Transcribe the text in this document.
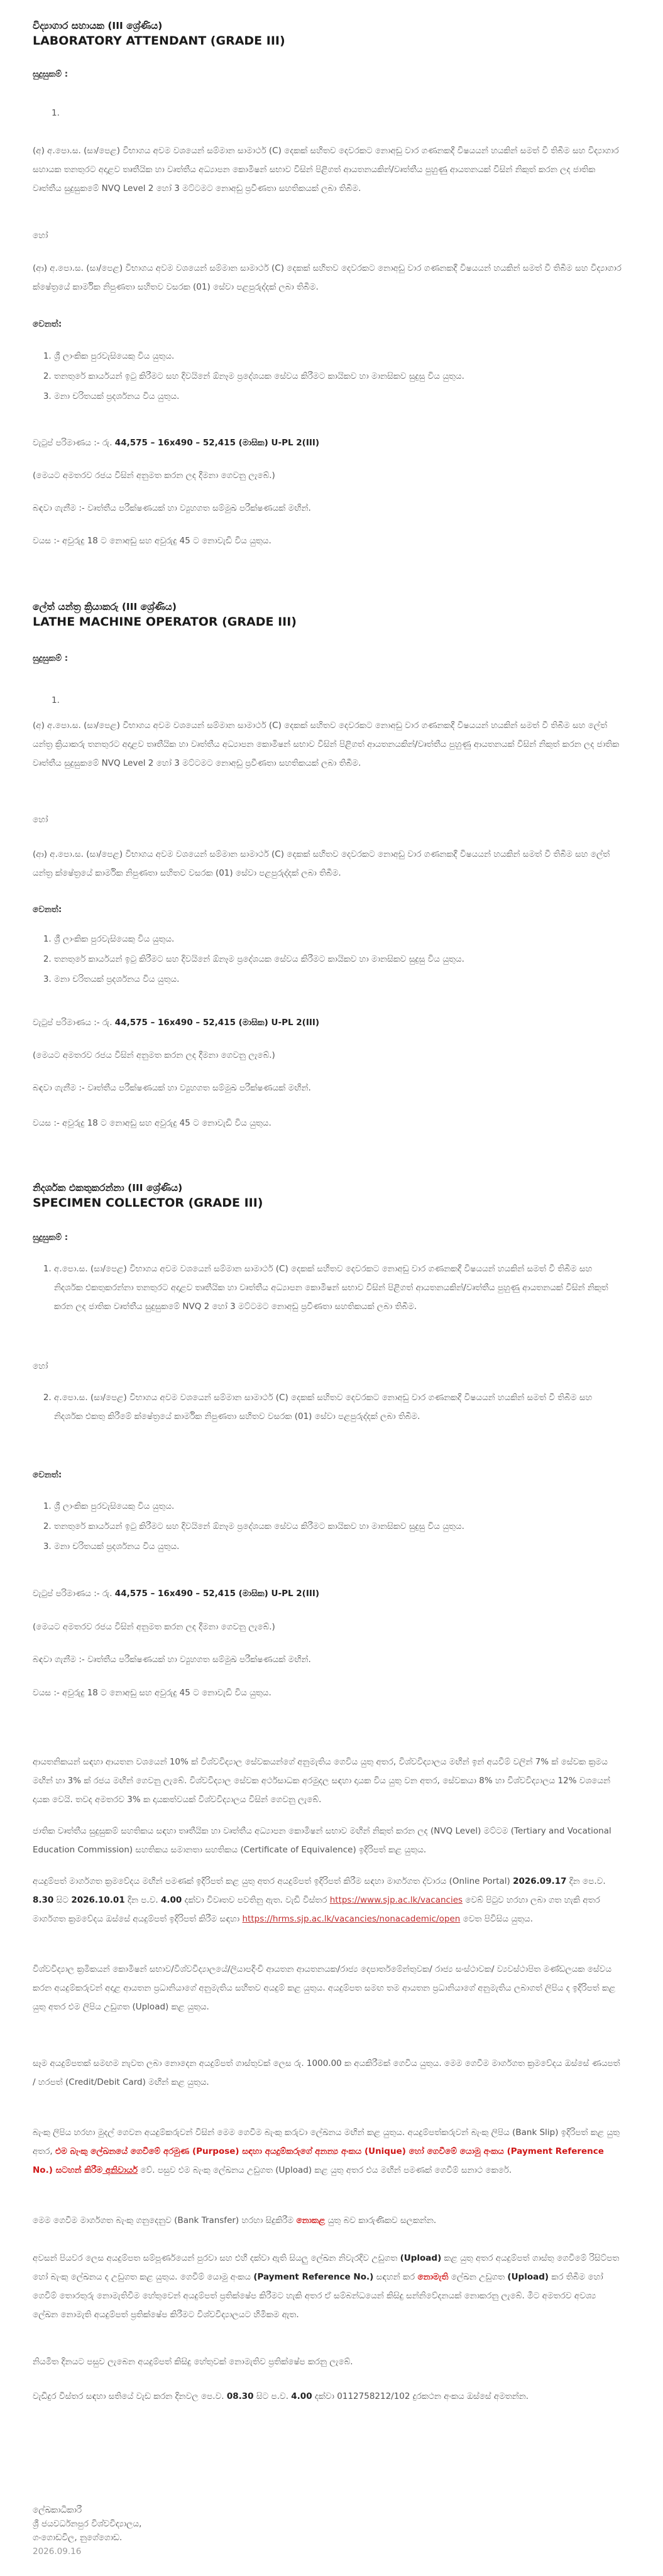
විද්‍යාගාර සහායක (III ශ්‍රේණිය)
LABORATORY ATTENDANT (GRADE III)
සුදුසුකම් :
1.

(අ) අ.පො.ස. (සා/පෙළ) විභාගය අවම වශයෙන් සම්මාන සාමාර්ථ (C) දෙකක් සහිතව දෙවරකට නොඅඩු වාර ගණනකදී විෂයයන් හයකින් සමත් වී තිබීම සහ විද්‍යාගාර සහායක තනතුරට අදාළව තෘතීයික හා වෘත්තීය අධ්‍යාපන කොමිෂන් සභාව විසින් පිළිගත් ආයතනයකින්/වෘත්තීය පුහුණු ආයතනයක් විසින් නිකුත් කරන ලද ජාතික වෘත්තීය සුදුසුකමේ NVQ Level 2 හෝ 3 මට්ටමට නොඅඩු ප්‍රවීණතා සහතිකයක් ලබා තිබීම.

හෝ

(ආ) අ.පො.ස. (සා/පෙළ) විභාගය අවම වශයෙන් සම්මාන සාමාර්ථ (C) දෙකක් සහිතව දෙවරකට නොඅඩු වාර ගණනකදී විෂයයන් හයකින් සමත් වී තිබීම සහ විද්‍යාගාර ක්ෂේත්‍රයේ කාර්මික නිපුණතා සහිතව වසරක (01) සේවා පළපුරුද්දක් ලබා තිබීම.

වෙනත්:
1. ශ්‍රී ලාංකික පුරවැසියෙකු විය යුතුය.
2. තනතුරේ කාර්යයන් ඉටු කිරීමට සහ දිවයිනේ ඕනෑම ප්‍රදේශයක සේවය කිරීමට කායිකව හා මානසිකව සුදුසු විය යුතුය.
3. මනා චරිතයක් ප්‍රදර්ශනය විය යුතුය.

වැටුප් පරිමාණය :- රු. 44,575 – 16x490 – 52,415 (මාසික) U-PL 2(III)

(මෙයට අමතරව රජය විසින් අනුමත කරන ලද දීමනා ගෙවනු ලැබේ.)

බඳවා ගැනීම :- වෘත්තීය පරීක්ෂණයක් හා ව්‍යුහගත සම්මුඛ පරීක්ෂණයක් මඟින්.

වයස :- අවුරුදු 18 ට නොඅඩු සහ අවුරුදු 45 ට නොවැඩි විය යුතුය.

ලේත් යන්ත්‍ර ක්‍රියාකරු (III ශ්‍රේණිය)
LATHE MACHINE OPERATOR (GRADE III)
සුදුසුකම් :
1.

(අ) අ.පො.ස. (සා/පෙළ) විභාගය අවම වශයෙන් සම්මාන සාමාර්ථ (C) දෙකක් සහිතව දෙවරකට නොඅඩු වාර ගණනකදී විෂයයන් හයකින් සමත් වී තිබීම සහ ලේත් යන්ත්‍ර ක්‍රියාකරු තනතුරට අදාළව තෘතීයික හා වෘත්තීය අධ්‍යාපන කොමිෂන් සභාව විසින් පිළිගත් ආයතනයකින්/වෘත්තීය පුහුණු ආයතනයක් විසින් නිකුත් කරන ලද ජාතික වෘත්තීය සුදුසුකමේ NVQ Level 2 හෝ 3 මට්ටමට නොඅඩු ප්‍රවීණතා සහතිකයක් ලබා තිබීම.

හෝ

(ආ) අ.පො.ස. (සා/පෙළ) විභාගය අවම වශයෙන් සම්මාන සාමාර්ථ (C) දෙකක් සහිතව දෙවරකට නොඅඩු වාර ගණනකදී විෂයයන් හයකින් සමත් වී තිබීම සහ ලේත් යන්ත්‍ර ක්ෂේත්‍රයේ කාර්මික නිපුණතා සහිතව වසරක (01) සේවා පළපුරුද්දක් ලබා තිබීම.

වෙනත්:
1. ශ්‍රී ලාංකික පුරවැසියෙකු විය යුතුය.
2. තනතුරේ කාර්යයන් ඉටු කිරීමට සහ දිවයිනේ ඕනෑම ප්‍රදේශයක සේවය කිරීමට කායිකව හා මානසිකව සුදුසු විය යුතුය.
3. මනා චරිතයක් ප්‍රදර්ශනය විය යුතුය.

වැටුප් පරිමාණය :- රු. 44,575 – 16x490 – 52,415 (මාසික) U-PL 2(III)

(මෙයට අමතරව රජය විසින් අනුමත කරන ලද දීමනා ගෙවනු ලැබේ.)

බඳවා ගැනීම :- වෘත්තීය පරීක්ෂණයක් හා ව්‍යුහගත සම්මුඛ පරීක්ෂණයක් මඟින්.

වයස :- අවුරුදු 18 ට නොඅඩු සහ අවුරුදු 45 ට නොවැඩි විය යුතුය.

නිදර්ශක එකතුකරන්නා (III ශ්‍රේණිය)
SPECIMEN COLLECTOR (GRADE III)
සුදුසුකම් :
1. අ.පො.ස. (සා/පෙළ) විභාගය අවම වශයෙන් සම්මාන සාමාර්ථ (C) දෙකක් සහිතව දෙවරකට නොඅඩු වාර ගණනකදී විෂයයන් හයකින් සමත් වී තිබීම සහ නිදර්ශක එකතුකරන්නා තනතුරට අදාළව තෘතීයික හා වෘත්තීය අධ්‍යාපන කොමිෂන් සභාව විසින් පිළිගත් ආයතනයකින්/වෘත්තීය පුහුණු ආයතනයක් විසින් නිකුත් කරන ලද ජාතික වෘත්තීය සුදුසුකමේ NVQ 2 හෝ 3 මට්ටමට නොඅඩු ප්‍රවීණතා සහතිකයක් ලබා තිබීම.

හෝ

2. අ.පො.ස. (සා/පෙළ) විභාගය අවම වශයෙන් සම්මාන සාමාර්ථ (C) දෙකක් සහිතව දෙවරකට නොඅඩු වාර ගණනකදී විෂයයන් හයකින් සමත් වී තිබීම සහ නිදර්ශක එකතු කිරීමේ ක්ෂේත්‍රයේ කාර්මික නිපුණතා සහිතව වසරක (01) සේවා පළපුරුද්දක් ලබා තිබීම.
වෙනත්:
1. ශ්‍රී ලාංකික පුරවැසියෙකු විය යුතුය.
2. තනතුරේ කාර්යයන් ඉටු කිරීමට සහ දිවයිනේ ඕනෑම ප්‍රදේශයක සේවය කිරීමට කායිකව හා මානසිකව සුදුසු විය යුතුය.
3. මනා චරිතයක් ප්‍රදර්ශනය විය යුතුය.

වැටුප් පරිමාණය :- රු. 44,575 – 16x490 – 52,415 (මාසික) U-PL 2(III)

(මෙයට අමතරව රජය විසින් අනුමත කරන ලද දීමනා ගෙවනු ලැබේ.)

බඳවා ගැනීම :- වෘත්තීය පරීක්ෂණයක් හා ව්‍යුහගත සම්මුඛ පරීක්ෂණයක් මඟින්.

වයස :- අවුරුදු 18 ට නොඅඩු සහ අවුරුදු 45 ට නොවැඩි විය යුතුය.

ආයතනිකයන් සඳහා ආයතන වශයෙන් 10% ක් විශ්වවිද්‍යාල සේවකයන්ගේ අනුමැතිය ගෙවිය යුතු අතර, විශ්වවිද්‍යාලය මඟින් ඉන් අයවීම් වලින් 7% ක් සේවක ක්‍රමය මඟින් හා 3% ක් රජය මඟින් ගෙවනු ලැබේ. විශ්වවිද්‍යාල සේවක අර්ථසාධක අරමුදල සඳහා දායක විය යුතු වන අතර, සේවකයා 8% හා විශ්වවිද්‍යාලය 12% වශයෙන් දායක වෙයි. තවද අමතරව 3% ක දායකත්වයක් විශ්වවිද්‍යාලය විසින් ගෙවනු ලැබේ.

ජාතික වෘත්තීය සුදුසුකම් සහතිකය සඳහා තෘතීයික හා වෘත්තීය අධ්‍යාපන කොමිෂන් සභාව මඟින් නිකුත් කරන ලද (NVQ Level) මට්ටම (Tertiary and Vocational Education Commission) සහතිකය සමානතා සහතිකය (Certificate of Equivalence) ඉදිරිපත් කළ යුතුය.

අයදුම්පත් මාර්ගගත ක්‍රමවේදය මඟින් පමණක් ඉදිරිපත් කළ යුතු අතර අයදුම්පත් ඉදිරිපත් කිරීම සඳහා මාර්ගගත ද්වාරය (Online Portal) 2026.09.17 දින පෙ.ව. 8.30 සිට 2026.10.01 දින ප.ව. 4.00 දක්වා විවෘතව පවතිනු ඇත. වැඩි විස්තර https://www.sjp.ac.lk/vacancies වෙබ් පිටුව හරහා ලබා ගත හැකි අතර මාර්ගගත ක්‍රමවේදය ඔස්සේ අයදුම්පත් ඉදිරිපත් කිරීම සඳහා https://hrms.sjp.ac.lk/vacancies/nonacademic/open වෙත පිවිසිය යුතුය.

විශ්වවිද්‍යාල ක්‍රමිකයන් කොමිෂන් සභාව/විශ්වවිද්‍යාලයේ/ලියාපදිංචි ආයතන ආයතනයක/රාජ්‍ය දෙපාර්තමේන්තුවක/ රාජ්‍ය සංස්ථාවක/ ව්‍යවස්ථාපිත මණ්ඩලයක සේවය කරන අයදුම්කරුවන් අදාළ ආයතන ප්‍රධානියාගේ අනුමැතිය සහිතව අයදුම් කළ යුතුය. අයදුම්පත සමඟ තම ආයතන ප්‍රධානියාගේ අනුමැතිය ලබාගත් ලිපිය ද ඉදිරිපත් කළ යුතු අතර එම ලිපිය උඩුගත (Upload) කළ යුතුය.

සෑම අයදුම්පතක් සමඟම නැවත ලබා නොදෙන අයදුම්පත් ගාස්තුවක් ලෙස රු. 1000.00 ක අයකිරීමක් ගෙවිය යුතුය. මෙම ගෙවීම මාර්ගගත ක්‍රමවේදය ඔස්සේ ණයපත් / හරපත් (Credit/Debit Card) මඟින් කළ යුතුය.

බැංකු ලිපිය හරහා මුදල් ගෙවන අයදුම්කරුවන් විසින් මෙම ගෙවීම බැංකු කරුවා ලේඛනය මඟින් කළ යුතුය. අයදුම්පත්කරුවන් බැංකු ලිපිය (Bank Slip) ඉදිරිපත් කළ යුතු අතර, එම බැංකු ලේඛනයේ ගෙවීමේ අරමුණ (Purpose) සඳහා අයදුම්කරුගේ අනන්‍ය අංකය (Unique) හෝ ගෙවීමේ යොමු අංකය (Payment Reference No.) සටහන් කිරීම අනිවාර්ය වේ. පසුව එම බැංකු ලේඛනය උඩුගත (Upload) කළ යුතු අතර එය මඟින් පමණක් ගෙවීම් සනාථ කෙරේ.

මෙම ගෙවීම මාර්ගගත බැංකු ගනුදෙනුව (Bank Transfer) හරහා සිදුකිරීම නොකළ යුතු බව කාරුණිකව සලකන්න.

අවසන් පියවර ලෙස අයදුම්පත සම්පූර්ණයෙන් පුරවා සහ එහි දක්වා ඇති සියලු ලේඛන නිවැරදිව උඩුගත (Upload) කළ යුතු අතර අයදුම්පත් ගාස්තු ගෙවීමේ රිසිට්පත හෝ බැංකු ලේඛනය ද උඩුගත කළ යුතුය. ගෙවීම් යොමු අංකය (Payment Reference No.) සඳහන් කර නොමැති ලේඛන උඩුගත (Upload) කර තිබීම හෝ ගෙවීම් තොරතුරු නොමැතිවීම හේතුවෙන් අයදුම්පත් ප්‍රතික්ෂේප කිරීමට හැකි අතර ඒ සම්බන්ධයෙන් කිසිදු සන්නිවේදනයක් නොකරනු ලැබේ. මීට අමතරව අවශ්‍ය ලේඛන නොමැති අයදුම්පත් ප්‍රතික්ෂේප කිරීමට විශ්වවිද්‍යාලයට හිමිකම ඇත.

නියමිත දිනයට පසුව ලැබෙන අයදුම්පත් කිසිදු හේතුවක් නොමැතිව ප්‍රතික්ෂේප කරනු ලැබේ.

වැඩිදුර විස්තර සඳහා සතියේ වැඩ කරන දිනවල පෙ.ව. 08.30 සිට ප.ව. 4.00 දක්වා 0112758212/102 දුරකථන අංකය ඔස්සේ අමතන්න.

ලේඛකාධිකාරී
ශ්‍රී ජයවර්ධනපුර විශ්වවිද්‍යාලය,
ගංගොඩවිල, නුගේගොඩ.
2026.09.16
